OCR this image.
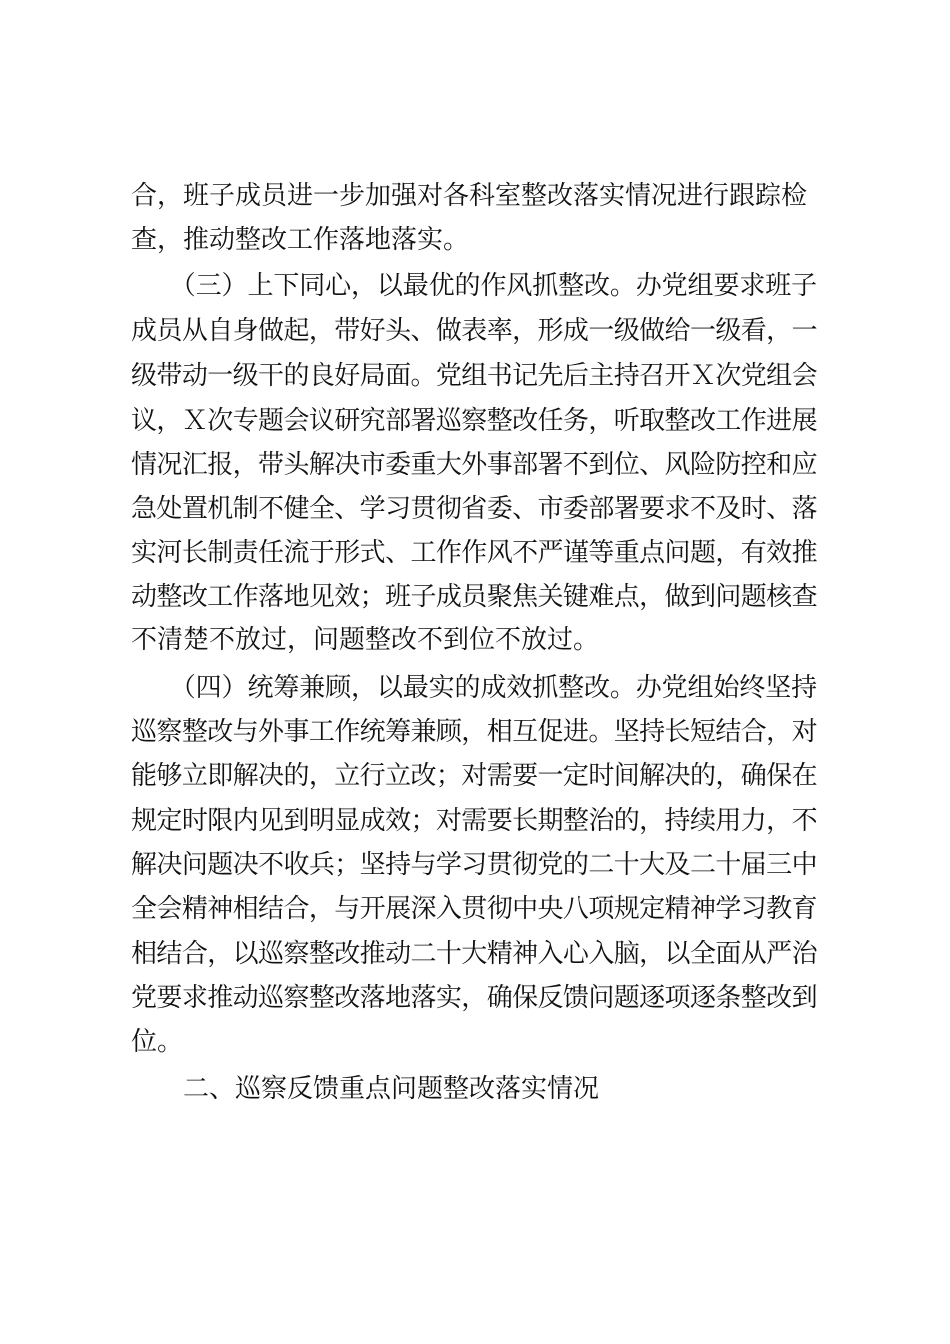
合，班子成员进一步加强对各科室整改落实情况进行跟踪检

查，推动整改工作落地落实。

　　（三）上下同心，以最优的作风抓整改。办党组要求班子

成员从自身做起，带好头、做表率，形成一级做给一级看，一

级带动一级干的良好局面。党组书记先后主持召开Ｘ次党组会

议，Ｘ次专题会议研究部署巡察整改任务，听取整改工作进展

情况汇报，带头解决市委重大外事部署不到位、风险防控和应

急处置机制不健全、学习贯彻省委、市委部署要求不及时、落

实河长制责任流于形式、工作作风不严谨等重点问题，有效推

动整改工作落地见效；班子成员聚焦关键难点，做到问题核查

不清楚不放过，问题整改不到位不放过。

　　（四）统筹兼顾，以最实的成效抓整改。办党组始终坚持

巡察整改与外事工作统筹兼顾，相互促进。坚持长短结合，对

能够立即解决的，立行立改；对需要一定时间解决的，确保在

规定时限内见到明显成效；对需要长期整治的，持续用力，不

解决问题决不收兵；坚持与学习贯彻党的二十大及二十届三中

全会精神相结合，与开展深入贯彻中央八项规定精神学习教育

相结合，以巡察整改推动二十大精神入心入脑，以全面从严治

党要求推动巡察整改落地落实，确保反馈问题逐项逐条整改到

位。

　　二、巡察反馈重点问题整改落实情况
